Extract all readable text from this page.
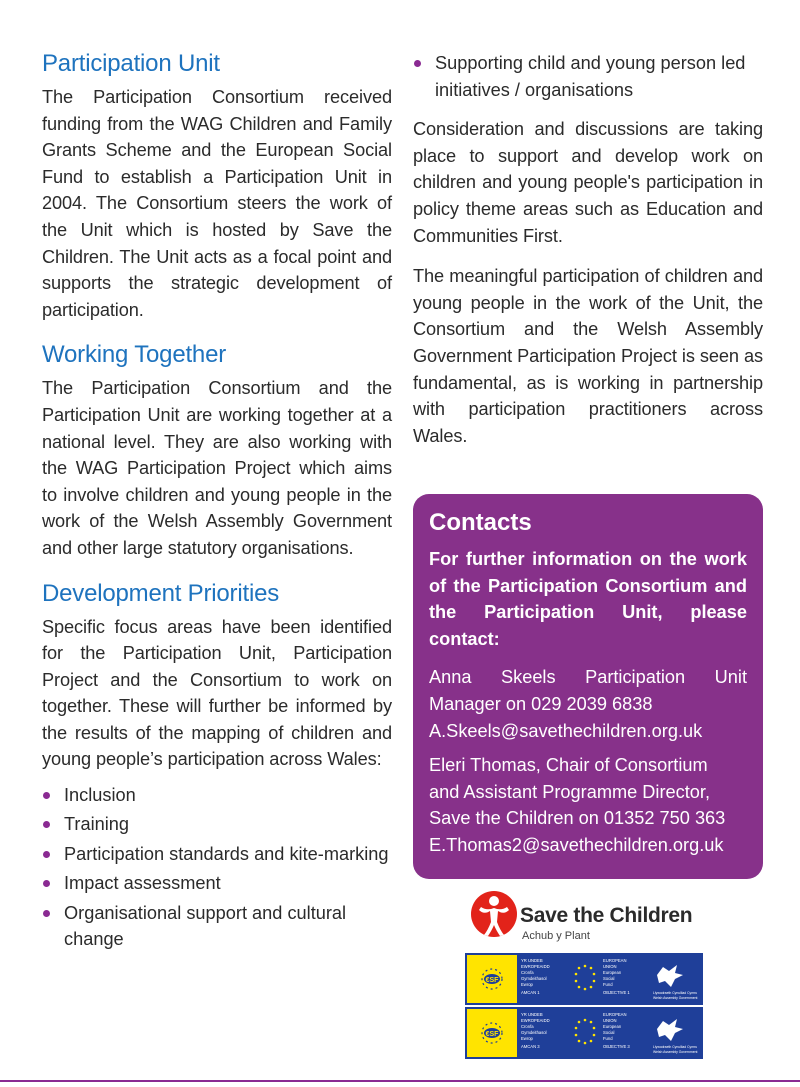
Participation Unit

The Participation Consortium received funding from the WAG Children and Family Grants Scheme and the European Social Fund to establish a Participation Unit in 2004. The Consortium steers the work of the Unit which is hosted by Save the Children. The Unit acts as a focal point and supports the strategic development of participation.

Working Together

The Participation Consortium and the Participation Unit are working together at a national level. They are also working with the WAG Participation Project which aims to involve children and young people in the work of the Welsh Assembly Government and other large statutory organisations.

Development Priorities

Specific focus areas have been identified for the Participation Unit, Participation Project and the Consortium to work on together. These will further be informed by the results of the mapping of children and young people’s participation across Wales:

Inclusion
Training
Participation standards and kite-marking
Impact assessment
Organisational support and cultural change
Supporting child and young person led initiatives / organisations

Consideration and discussions are taking place to support and develop work on children and young people's participation in policy theme areas such as Education and Communities First.

The meaningful participation of children and young people in the work of the Unit, the Consortium and the Welsh Assembly Government Participation Project is seen as fundamental, as is working in partnership with participation practitioners across Wales.

Contacts

For further information on the work of the Participation Consortium and the Participation Unit, please contact:

Anna Skeels Participation Unit Manager on 029 2039 6838

A.Skeels@savethechildren.org.uk
Eleri Thomas, Chair of Consortium
and Assistant Programme Director,
Save the Children on 01352 750 363
E.Thomas2@savethechildren.org.uk
Save the Children
Achub y Plant
€SF
YR UNDEB
EWROPEAIDD
Cronfa
Gymdeithasol
Ewrop
AMCAN 1
EUROPEAN
UNION
European
Social
Fund
OBJECTIVE 1	Llywodraeth Cynulliad Cymru
Welsh Assembly Government
€SF
YR UNDEB
EWROPEAIDD
Cronfa
Gymdeithasol
Ewrop
AMCAN 3
EUROPEAN
UNION
European
Social
Fund
OBJECTIVE 3	Llywodraeth Cynulliad Cymru
Welsh Assembly Government
